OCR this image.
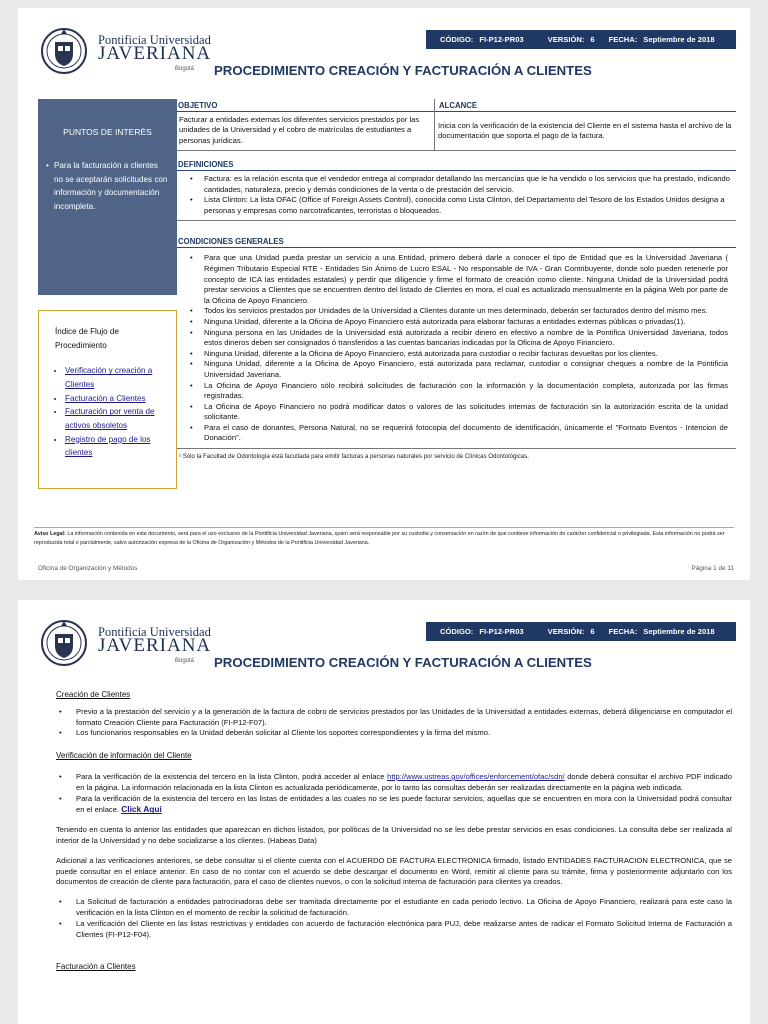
Pontificia Universidad
JAVERIANA
Bogotá
CÓDIGO: FI-P12-PR03	VERSIÓN: 6 FECHA: Septiembre de 2018
PROCEDIMIENTO CREACIÓN Y FACTURACIÓN A CLIENTES
PUNTOS DE INTERÉS
• Para la facturación a clientes no se aceptarán solicitudes con información y documentación incompleta.
Índice de Flujo de Procedimiento
• Verificación y creación a Clientes
• Facturación a Clientes
• Facturación por venta de activos obsoletos
• Registro de pago de los clientes
OBJETIVO
Facturar a entidades externas los diferentes servicios prestados por las unidades de la Universidad y el cobro de matrículas de estudiantes a personas jurídicas.
ALCANCE
Inicia con la verificación de la existencia del Cliente en el sistema hasta el archivo de la documentación que soporta el pago de la factura.
DEFINICIONES
• Factura: es la relación escrita que el vendedor entrega al comprador detallando las mercancías que le ha vendido o los servicios que ha prestado, indicando cantidades, naturaleza, precio y demás condiciones de la venta o de prestación del servicio.
• Lista Clinton: La lista OFAC (Office of Foreign Assets Control), conocida como Lista Clinton, del Departamento del Tesoro de los Estados Unidos designa a personas y empresas como narcotraficantes, terroristas o bloqueados.
CONDICIONES GENERALES
• Para que una Unidad pueda prestar un servicio a una Entidad, primero deberá darle a conocer el tipo de Entidad que es la Universidad Javeriana ( Régimen Tributario Especial RTE - Entidades Sin Ánimo de Lucro ESAL - No responsable de IVA - Gran Contribuyente, donde solo pueden retenerle por concepto de ICA las entidades estatales) y perdir que diligencie y firme el formato de creación como cliente. Ninguna Unidad de la Universidad podrá prestar servicios a Clientes que se encuentren dentro del listado de Clientes en mora, el cual es actualizado mensualmente en la página Web por parte de la Oficina de Apoyo Financiero.
• Todos los servicios prestados por Unidades de la Universidad a Clientes durante un mes determinado, deberán ser facturados dentro del mismo mes.
• Ninguna Unidad, diferente a la Oficina de Apoyo Financiero está autorizada para elaborar facturas a entidades externas públicas o privadas(1).
• Ninguna persona en las Unidades de la Universidad está autorizada a recibir dinero en efectivo a nombre de la Pontifica Universidad Javeriana, todos estos dineros deben ser consignados ó transferidos a las cuentas bancarias indicadas por la Oficina de Apoyo Financiero.
• Ninguna Unidad, diferente a la Oficina de Apoyo Financiero, está autorizada para custodiar o recibir facturas devueltas por los clientes.
• Ninguna Unidad, diferente a la Oficina de Apoyo Financiero, está autorizada para reclamar, custodiar o consignar cheques a nombre de la Pontificia Universidad Javeriana.
• La Oficina de Apoyo Financiero sólo recibirá solicitudes de facturación con la información y la documentación completa, autorizada por las firmas registradas.
• La Oficina de Apoyo Financiero no podrá modificar datos o valores de las solicitudes internas de facturación sin la autorización escrita de la unidad solicitante.
• Para el caso de donantes, Persona Natural, no se requerirá fotocopia del documento de identificación, únicamente el "Formato Eventos - Intencion de Donación".
¹ Sólo la Facultad de Odontología está facultada para emitir facturas a personas naturales por servicio de Clínicas Odontológicas.
Aviso Legal: La información contenida en este documento, será para el uso exclusivo de la Pontificia Universidad Javeriana, quien será responsable por su custodia y conservación en razón de que contiene información de carácter confidencial o privilegiada. Esta información no podrá ser reproducida total o parcialmente, salvo autorización expresa de la Oficina de Organización y Métodos de la Pontificia Universidad Javeriana.
Oficina de Organización y Métodos	Página 1 de 11
Pontificia Universidad
JAVERIANA
Bogotá
CÓDIGO: FI-P12-PR03	VERSIÓN: 6 FECHA: Septiembre de 2018
PROCEDIMIENTO CREACIÓN Y FACTURACIÓN A CLIENTES
Creación de Clientes
• Previo a la prestación del servicio y a la generación de la factura de cobro de servicios prestados por las Unidades de la Universidad a entidades externas, deberá diligenciarse en computador el formato Creación Cliente para Facturación (FI-P12-F07).
• Los funcionarios responsables en la Unidad deberán solicitar al Cliente los soportes correspondientes y la firma del mismo.
Verificación de información del Cliente
• Para la verificación de la existencia del tercero en la lista Clinton, podrá acceder al enlace http://www.ustreas.gov/offices/enforcement/ofac/sdn/ donde deberá consultar el archivo PDF indicado en la página. La información relacionada en la lista Clinton es actualizada periódicamente, por lo tanto las consultas deberán ser realizadas directamente en la página web indicada.
• Para la verificación de la existencia del tercero en las listas de entidades a las cuales no se les puede facturar servicios, aquellas que se encuentren en mora con la Universidad podrá consultar en el enlace. Click Aqui

Teniendo en cuenta lo anterior las entidades que aparezcan en dichos listados, por políticas de la Universidad no se les debe prestar servicios en esas condiciones. La consulta debe ser realizada al interior de la Universidad y no debe socializarse a los clientes. (Habeas Data)

Adicional a las verificaciones anteriores, se debe consultar si el cliente cuenta con el ACUERDO DE FACTURA ELECTRONICA firmado, listado ENTIDADES FACTURACION ELECTRONICA, que se puede consultar en el enlace anterior. En caso de no contar con el acuerdo se debe descargar el documento en Word, remitir al cliente para su trámite, firma y posteriormente adjuntarlo con los documentos de creación de cliente para facturación, para el caso de clientes nuevos, o con la solicitud interna de facturación para clientes ya creados.

• La Solicitud de facturación a entidades patrocinadoras debe ser tramitada directamente por el estudiante en cada periodo lectivo. La Oficina de Apoyo Financiero, realizará para este caso la verificación en la lista Clinton en el momento de recibir la solicitud de facturación.
• La verificación del Cliente en las listas restrictivas y entidades con acuerdo de facturación electrónica para PUJ, debe realizarse antes de radicar el Formato Solicitud Interna de Facturación a Clientes (FI-P12-F04).
Facturación a Clientes
